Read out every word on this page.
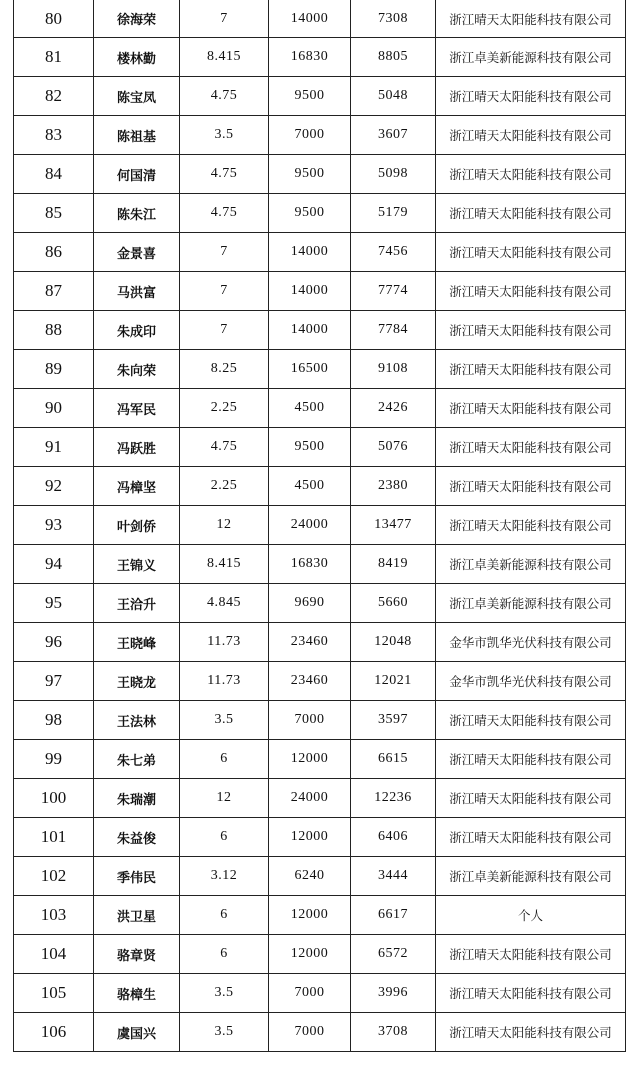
80	徐海荣	7	14000	7308	浙江晴天太阳能科技有限公司
81	楼林勤	8.415	16830	8805	浙江卓美新能源科技有限公司
82	陈宝凤	4.75	9500	5048	浙江晴天太阳能科技有限公司
83	陈祖基	3.5	7000	3607	浙江晴天太阳能科技有限公司
84	何国清	4.75	9500	5098	浙江晴天太阳能科技有限公司
85	陈朱江	4.75	9500	5179	浙江晴天太阳能科技有限公司
86	金景喜	7	14000	7456	浙江晴天太阳能科技有限公司
87	马洪富	7	14000	7774	浙江晴天太阳能科技有限公司
88	朱成印	7	14000	7784	浙江晴天太阳能科技有限公司
89	朱向荣	8.25	16500	9108	浙江晴天太阳能科技有限公司
90	冯军民	2.25	4500	2426	浙江晴天太阳能科技有限公司
91	冯跃胜	4.75	9500	5076	浙江晴天太阳能科技有限公司
92	冯樟坚	2.25	4500	2380	浙江晴天太阳能科技有限公司
93	叶剑侨	12	24000	13477	浙江晴天太阳能科技有限公司
94	王锦义	8.415	16830	8419	浙江卓美新能源科技有限公司
95	王洽升	4.845	9690	5660	浙江卓美新能源科技有限公司
96	王晓峰	11.73	23460	12048	金华市凯华光伏科技有限公司
97	王晓龙	11.73	23460	12021	金华市凯华光伏科技有限公司
98	王法林	3.5	7000	3597	浙江晴天太阳能科技有限公司
99	朱七弟	6	12000	6615	浙江晴天太阳能科技有限公司
100	朱瑞潮	12	24000	12236	浙江晴天太阳能科技有限公司
101	朱益俊	6	12000	6406	浙江晴天太阳能科技有限公司
102	季伟民	3.12	6240	3444	浙江卓美新能源科技有限公司
103	洪卫星	6	12000	6617	个人
104	骆章贤	6	12000	6572	浙江晴天太阳能科技有限公司
105	骆樟生	3.5	7000	3996	浙江晴天太阳能科技有限公司
106	虞国兴	3.5	7000	3708	浙江晴天太阳能科技有限公司
